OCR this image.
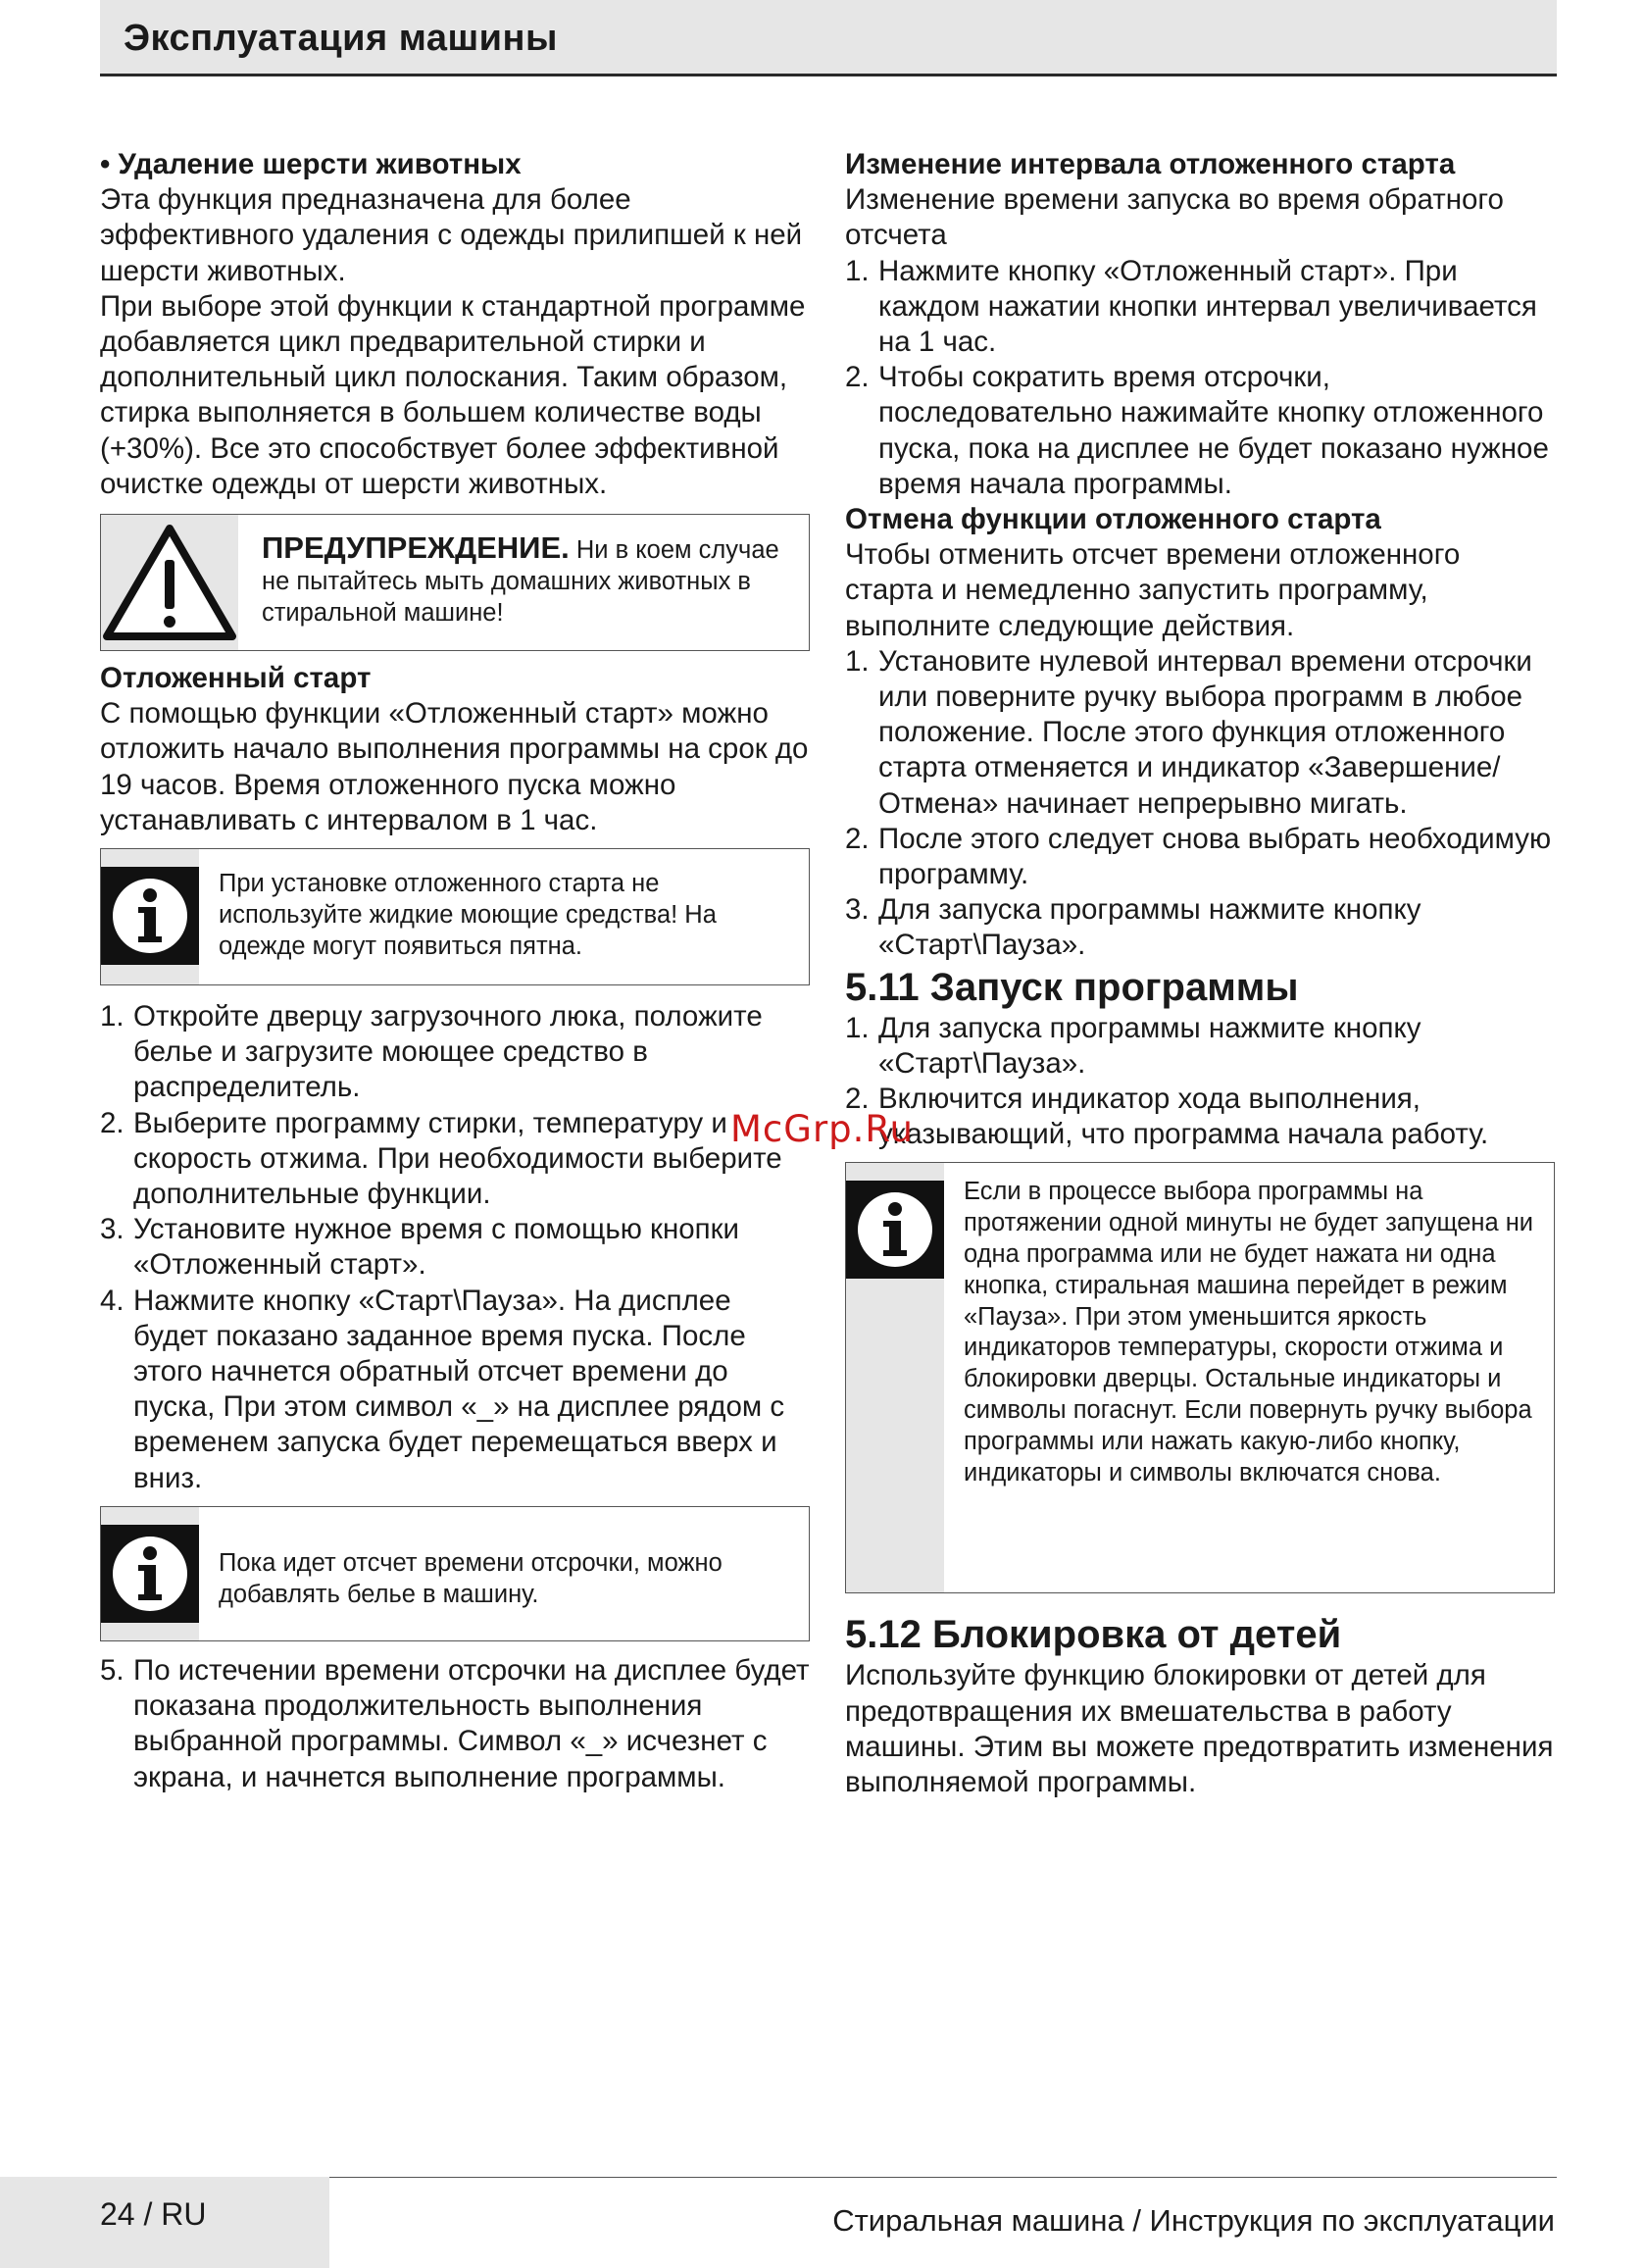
Эксплуатация машины

• Удаление шерсти животных

Эта функция предназначена для более эффективного удаления с одежды прилипшей к ней шерсти животных.

При выборе этой функции к стандартной программе добавляется цикл предварительной стирки и дополнительный цикл полоскания. Таким образом, стирка выполняется в большем количестве воды (+30%). Все это способствует более эффективной очистке одежды от шерсти животных.

ПРЕДУПРЕЖДЕНИЕ. Ни в коем случае не пытайтесь мыть домашних животных в стиральной машине!

Отложенный старт

С помощью функции «Отложенный старт» можно отложить начало выполнения программы на срок до 19 часов. Время отложенного пуска можно устанавливать с интервалом в 1 час.

При установке отложенного старта не используйте жидкие моющие средства! На одежде могут появиться пятна.
1. Откройте дверцу загрузочного люка, положите белье и загрузите моющее средство в распределитель.
2. Выберите программу стирки, температуру и скорость отжима. При необходимости выберите дополнительные функции.
3. Установите нужное время с помощью кнопки «Отложенный старт».
4. Нажмите кнопку «Старт\Пауза». На дисплее будет показано заданное время пуска. После этого начнется обратный отсчет времени до пуска, При этом символ «_» на дисплее рядом с временем запуска будет перемещаться вверх и вниз.
Пока идет отсчет времени отсрочки, можно добавлять белье в машину.
5. По истечении времени отсрочки на дисплее будет показана продолжительность выполнения выбранной программы. Символ «_» исчезнет с экрана, и начнется выполнение программы.

Изменение интервала отложенного старта

Изменение времени запуска во время обратного отсчета

1. Нажмите кнопку «Отложенный старт». При каждом нажатии кнопки интервал увеличивается на 1 час.
2. Чтобы сократить время отсрочки, последовательно нажимайте кнопку отложенного пуска, пока на дисплее не будет показано нужное время начала программы.

Отмена функции отложенного старта

Чтобы отменить отсчет времени отложенного старта и немедленно запустить программу, выполните следующие действия.

1. Установите нулевой интервал времени отсрочки или поверните ручку выбора программ в любое положение. После этого функция отложенного старта отменяется и индикатор «Завершение/Отмена» начинает непрерывно мигать.
2. После этого следует снова выбрать необходимую программу.
3. Для запуска программы нажмите кнопку «Старт\Пауза».

5.11 Запуск программы

1. Для запуска программы нажмите кнопку «Старт\Пауза».
2. Включится индикатор хода выполнения, указывающий, что программа начала работу.
Если в процессе выбора программы на протяжении одной минуты не будет запущена ни одна программа или не будет нажата ни одна кнопка, стиральная машина перейдет в режим «Пауза». При этом уменьшится яркость индикаторов температуры, скорости отжима и блокировки дверцы. Остальные индикаторы и символы погаснут. Если повернуть ручку выбора программы или нажать какую-либо кнопку, индикаторы и символы включатся снова.

5.12 Блокировка от детей

Используйте функцию блокировки от детей для предотвращения их вмешательства в работу машины. Этим вы можете предотвратить изменения выполняемой программы.

McGrp.Ru
24 / RU	Стиральная машина / Инструкция по эксплуатации
